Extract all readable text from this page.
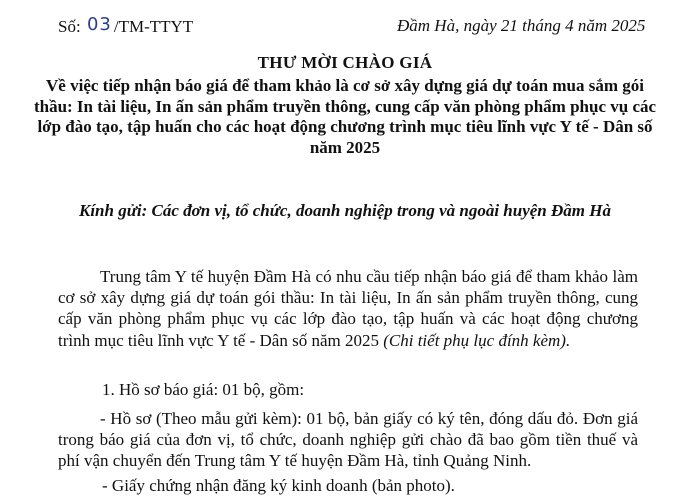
Số: 03 /TM-TTYT	Đầm Hà, ngày 21 tháng 4 năm 2025
THƯ MỜI CHÀO GIÁ
Về việc tiếp nhận báo giá để tham khảo là cơ sở xây dựng giá dự toán mua sắm gói thầu: In tài liệu, In ấn sản phẩm truyền thông, cung cấp văn phòng phẩm phục vụ các lớp đào tạo, tập huấn cho các hoạt động chương trình mục tiêu lĩnh vực Y tế - Dân số năm 2025
Kính gửi: Các đơn vị, tổ chức, doanh nghiệp trong và ngoài huyện Đầm Hà
Trung tâm Y tế huyện Đầm Hà có nhu cầu tiếp nhận báo giá để tham khảo làm cơ sở xây dựng giá dự toán gói thầu: In tài liệu, In ấn sản phẩm truyền thông, cung cấp văn phòng phẩm phục vụ các lớp đào tạo, tập huấn và các hoạt động chương trình mục tiêu lĩnh vực Y tế - Dân số năm 2025 (Chi tiết phụ lục đính kèm).
1. Hồ sơ báo giá: 01 bộ, gồm:
- Hồ sơ (Theo mẫu gửi kèm): 01 bộ, bản giấy có ký tên, đóng dấu đỏ. Đơn giá trong báo giá của đơn vị, tổ chức, doanh nghiệp gửi chào đã bao gồm tiền thuế và phí vận chuyển đến Trung tâm Y tế huyện Đầm Hà, tỉnh Quảng Ninh.
- Giấy chứng nhận đăng ký kinh doanh (bản photo).
